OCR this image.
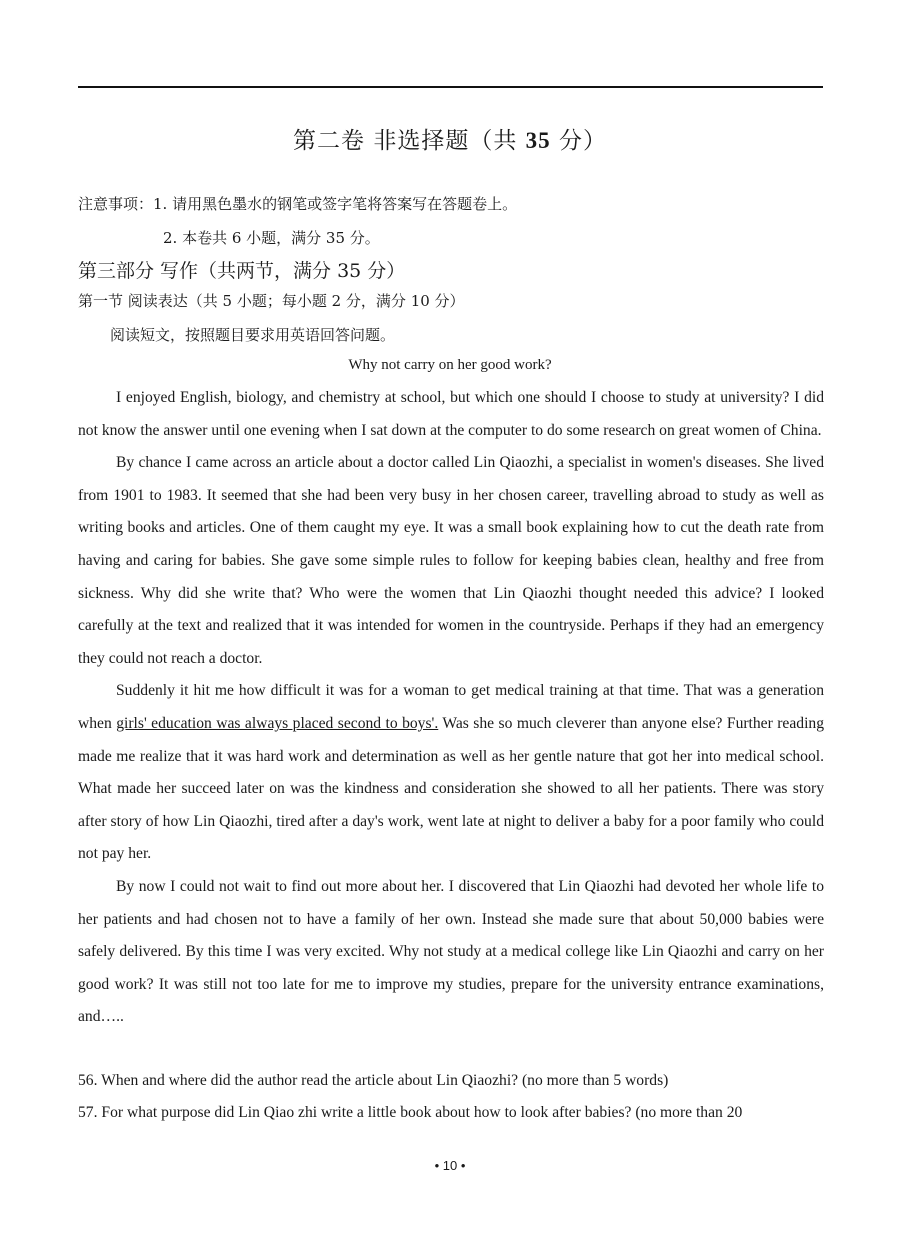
第二卷 非选择题（共 35 分）
注意事项：1. 请用黑色墨水的钢笔或签字笔将答案写在答题卷上。
2. 本卷共 6 小题，满分 35 分。
第三部分 写作（共两节，满分 35 分）
第一节 阅读表达（共 5 小题；每小题 2 分，满分 10 分）
阅读短文，按照题目要求用英语回答问题。
Why not carry on her good work?

I enjoyed English, biology, and chemistry at school, but which one should I choose to study at university? I did not know the answer until one evening when I sat down at the computer to do some research on great women of China.

By chance I came across an article about a doctor called Lin Qiaozhi, a specialist in women's diseases. She lived from 1901 to 1983. It seemed that she had been very busy in her chosen career, travelling abroad to study as well as writing books and articles. One of them caught my eye. It was a small book explaining how to cut the death rate from having and caring for babies. She gave some simple rules to follow for keeping babies clean, healthy and free from sickness. Why did she write that? Who were the women that Lin Qiaozhi thought needed this advice? I looked carefully at the text and realized that it was intended for women in the countryside. Perhaps if they had an emergency they could not reach a doctor.

Suddenly it hit me how difficult it was for a woman to get medical training at that time. That was a generation when girls' education was always placed second to boys'. Was she so much cleverer than anyone else? Further reading made me realize that it was hard work and determination as well as her gentle nature that got her into medical school. What made her succeed later on was the kindness and consideration she showed to all her patients. There was story after story of how Lin Qiaozhi, tired after a day's work, went late at night to deliver a baby for a poor family who could not pay her.

By now I could not wait to find out more about her. I discovered that Lin Qiaozhi had devoted her whole life to her patients and had chosen not to have a family of her own. Instead she made sure that about 50,000 babies were safely delivered. By this time I was very excited. Why not study at a medical college like Lin Qiaozhi and carry on her good work? It was still not too late for me to improve my studies, prepare for the university entrance examinations, and…..

56. When and where did the author read the article about Lin Qiaozhi? (no more than 5 words)
57. For what purpose did Lin Qiao zhi write a little book about how to look after babies? (no more than 20
• 10 •
